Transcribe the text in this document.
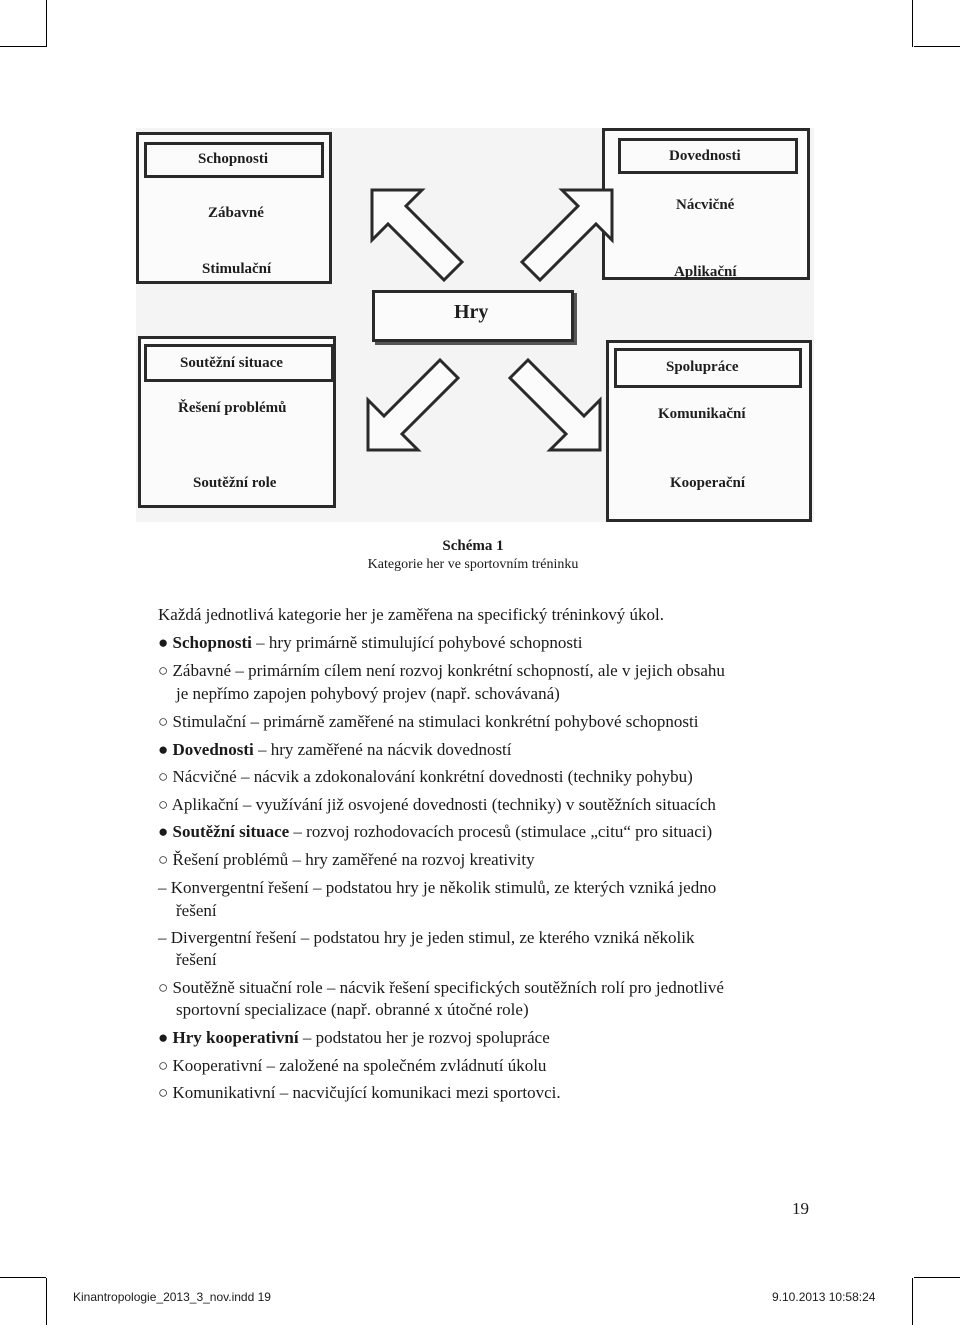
Schopnosti
Zábavné
Stimulační
Dovednosti
Nácvičné
Aplikační
Hry
Soutěžní situace
Řešení problémů
Soutěžní role
Spolupráce
Komunikační
Kooperační
Schéma 1
Kategorie her ve sportovním tréninku
Každá jednotlivá kategorie her je zaměřena na specifický tréninkový úkol.
● Schopnosti – hry primárně stimulující pohybové schopnosti
○ Zábavné – primárním cílem není rozvoj konkrétní schopností, ale v jejich obsahu
je nepřímo zapojen pohybový projev (např. schovávaná)
○ Stimulační – primárně zaměřené na stimulaci konkrétní pohybové schopnosti
● Dovednosti – hry zaměřené na nácvik dovedností
○ Nácvičné – nácvik a zdokonalování konkrétní dovednosti (techniky pohybu)
○ Aplikační – využívání již osvojené dovednosti (techniky) v soutěžních situacích
● Soutěžní situace – rozvoj rozhodovacích procesů (stimulace „citu“ pro situaci)
○ Řešení problémů – hry zaměřené na rozvoj kreativity
– Konvergentní řešení – podstatou hry je několik stimulů, ze kterých vzniká jedno
řešení
– Divergentní řešení – podstatou hry je jeden stimul, ze kterého vzniká několik
řešení
○ Soutěžně situační role – nácvik řešení specifických soutěžních rolí pro jednotlivé
sportovní specializace (např. obranné x útočné role)
● Hry kooperativní – podstatou her je rozvoj spolupráce
○ Kooperativní – založené na společném zvládnutí úkolu
○ Komunikativní – nacvičující komunikaci mezi sportovci.
19
Kinantropologie_2013_3_nov.indd 19	9.10.2013 10:58:24
